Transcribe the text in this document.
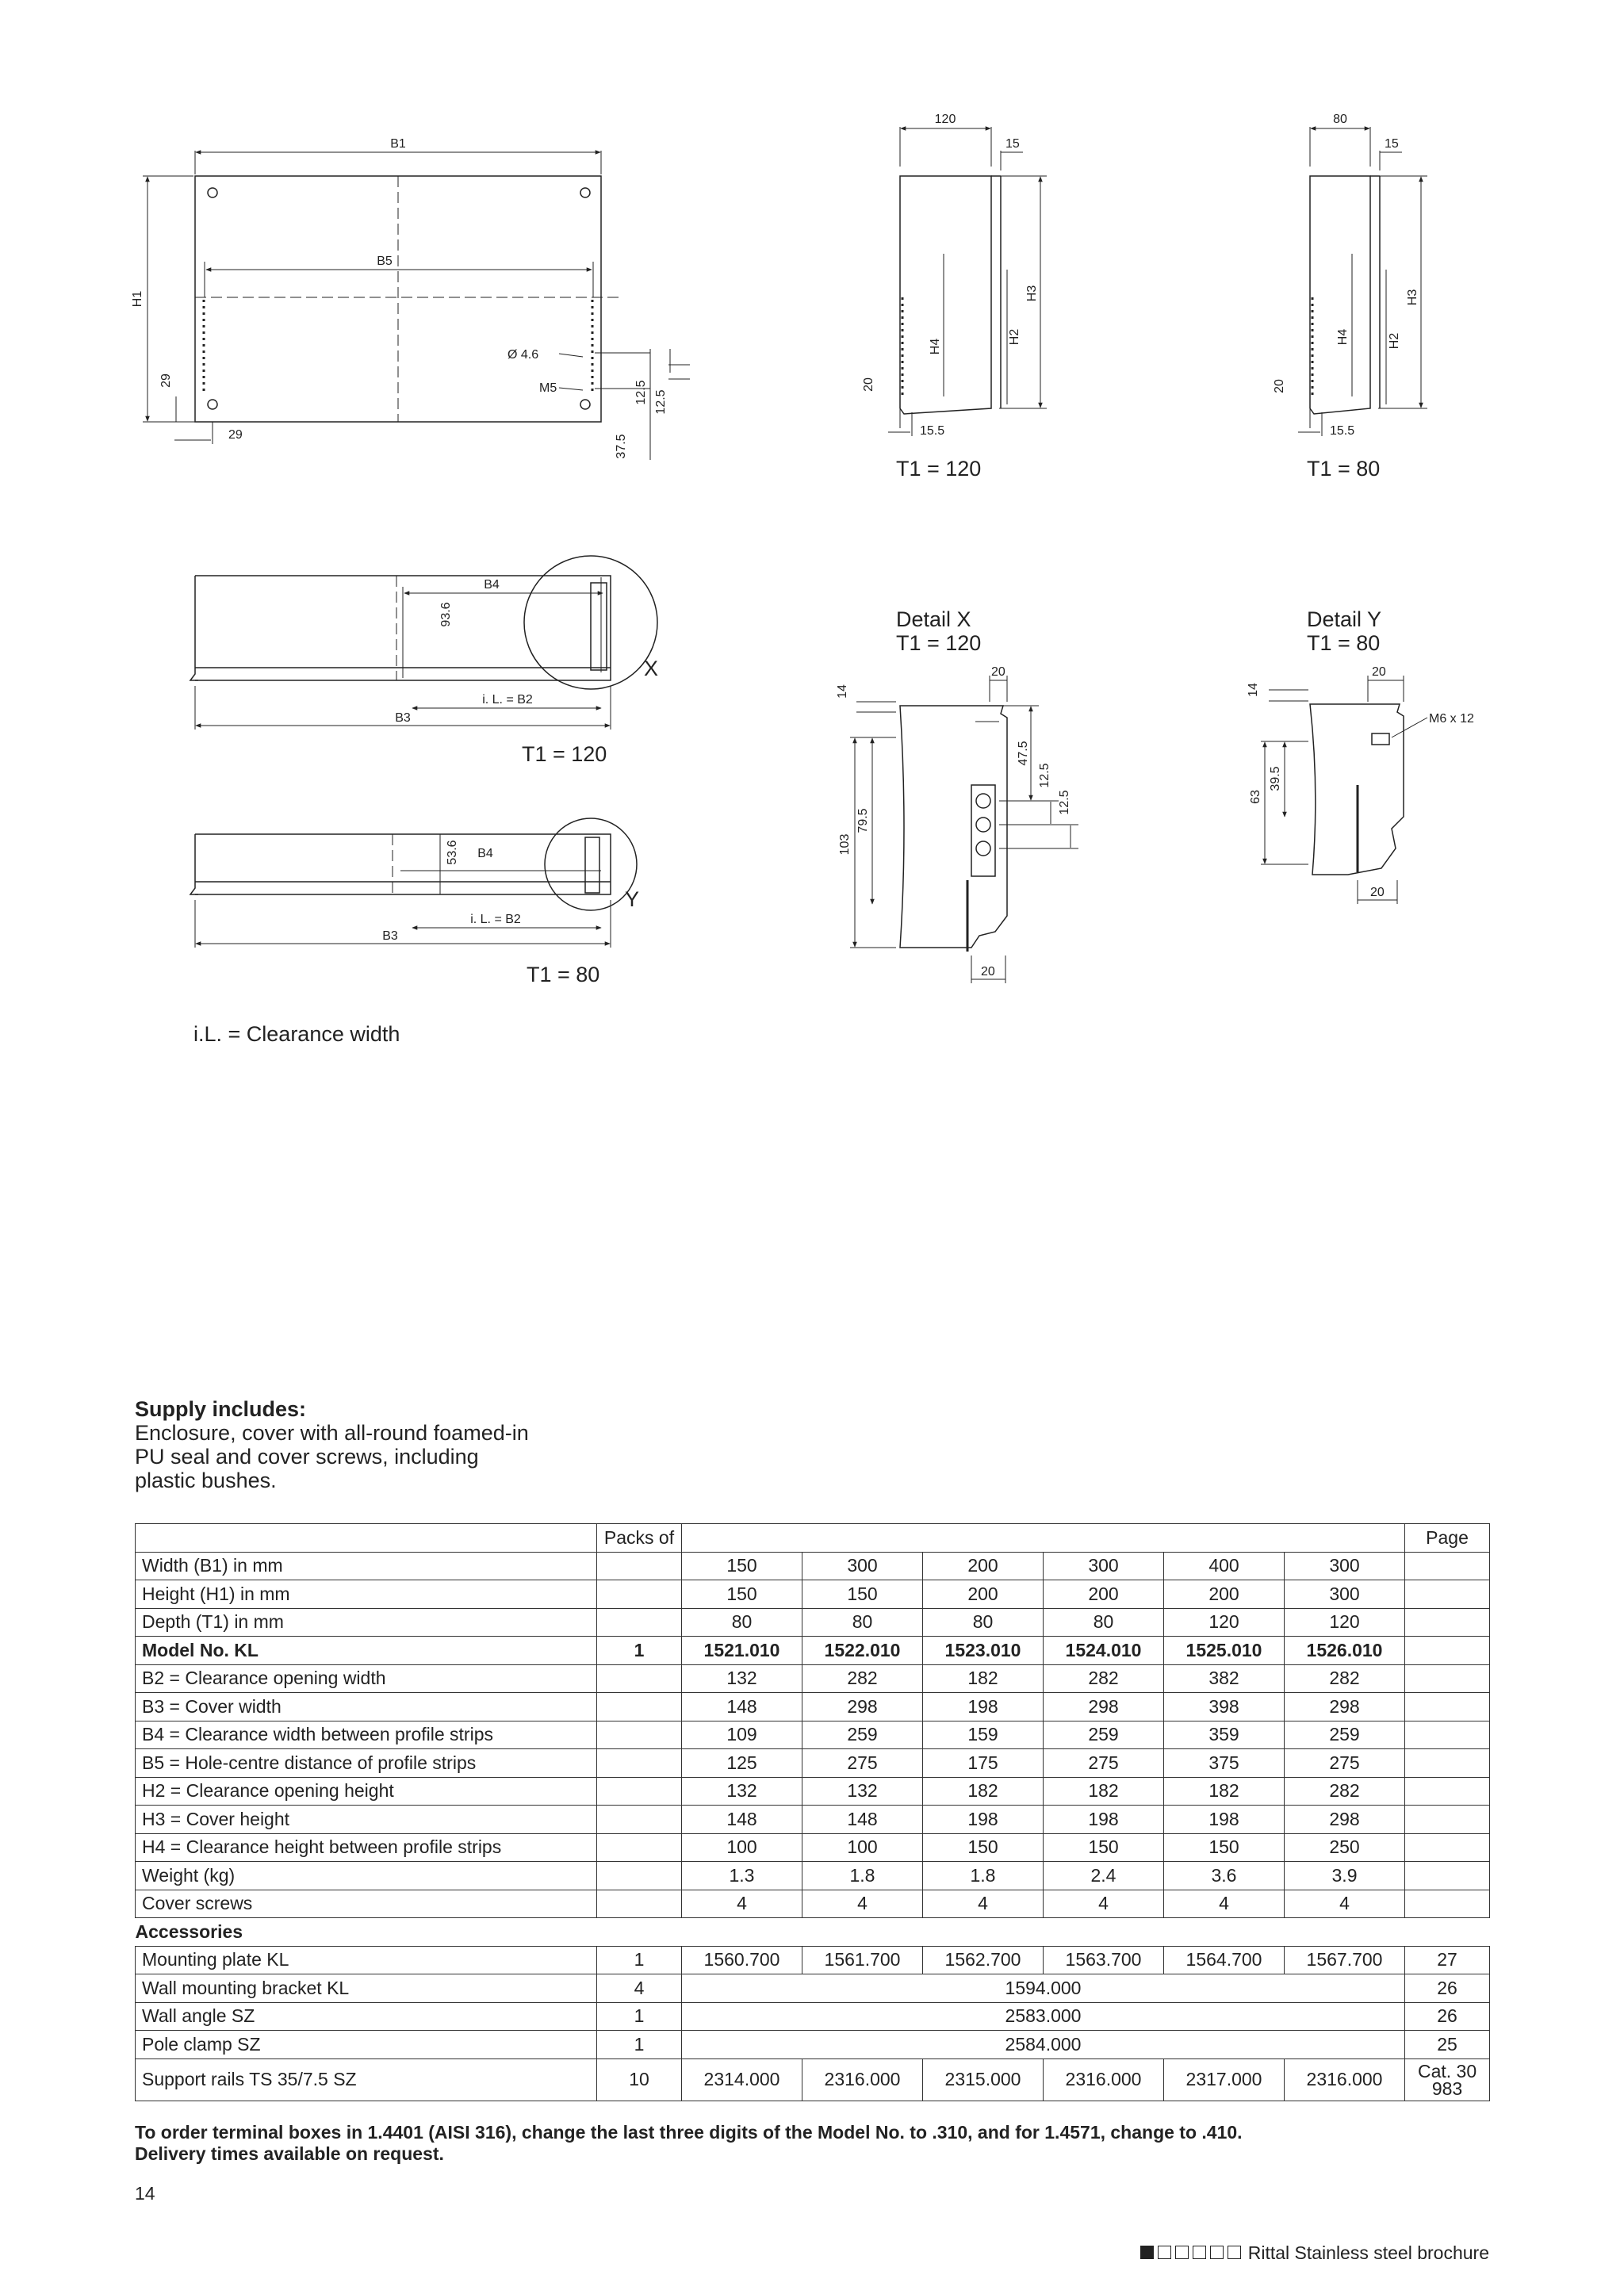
B1
B5
H1
29
29
Ø 4.6
M5	12.5 12.5
37.5
120
15
H3
H2
H4
20
15.5
T1 = 120
80
15
H3
H2
H4
20
15.5
T1 = 80
B4
93.6
i. L. = B2
B3
X
T1 = 120
B4
53.6
i. L. = B2
B3
Y
T1 = 80
Detail X
T1 = 120
14
20
47.5
12.5
12.5
103
79.5
20
Detail Y
T1 = 80
14
20
M6 x 12
63
39.5
20
i.L. = Clearance width
Supply includes:
Enclosure, cover with all-round foamed-in
PU seal and cover screws, including
plastic bushes.
	Packs of							Page
Width (B1) in mm		150	300	200	300	400	300	
Height (H1) in mm		150	150	200	200	200	300	
Depth (T1) in mm		80	80	80	80	120	120	
Model No. KL	1	1521.010	1522.010	1523.010	1524.010	1525.010	1526.010	
B2 = Clearance opening width		132	282	182	282	382	282	
B3 = Cover width		148	298	198	298	398	298	
B4 = Clearance width between profile strips		109	259	159	259	359	259	
B5 = Hole-centre distance of profile strips		125	275	175	275	375	275	
H2 = Clearance opening height		132	132	182	182	182	282	
H3 = Cover height		148	148	198	198	198	298	
H4 = Clearance height between profile strips		100	100	150	150	150	250	
Weight (kg)		1.3	1.8	1.8	2.4	3.6	3.9	
Cover screws		4	4	4	4	4	4	
Accessories								
Mounting plate KL	1	1560.700	1561.700	1562.700	1563.700	1564.700	1567.700	27
Wall mounting bracket KL	4	1594.000						26
Wall angle SZ	1	2583.000						26
Pole clamp SZ	1	2584.000						25
Support rails TS 35/7.5 SZ	10	2314.000	2316.000	2315.000	2316.000	2317.000	2316.000	Cat. 30
983
To order terminal boxes in 1.4401 (AISI 316), change the last three digits of the Model No. to .310, and for 1.4571, change to .410.
Delivery times available on request.
14
Rittal Stainless steel brochure
